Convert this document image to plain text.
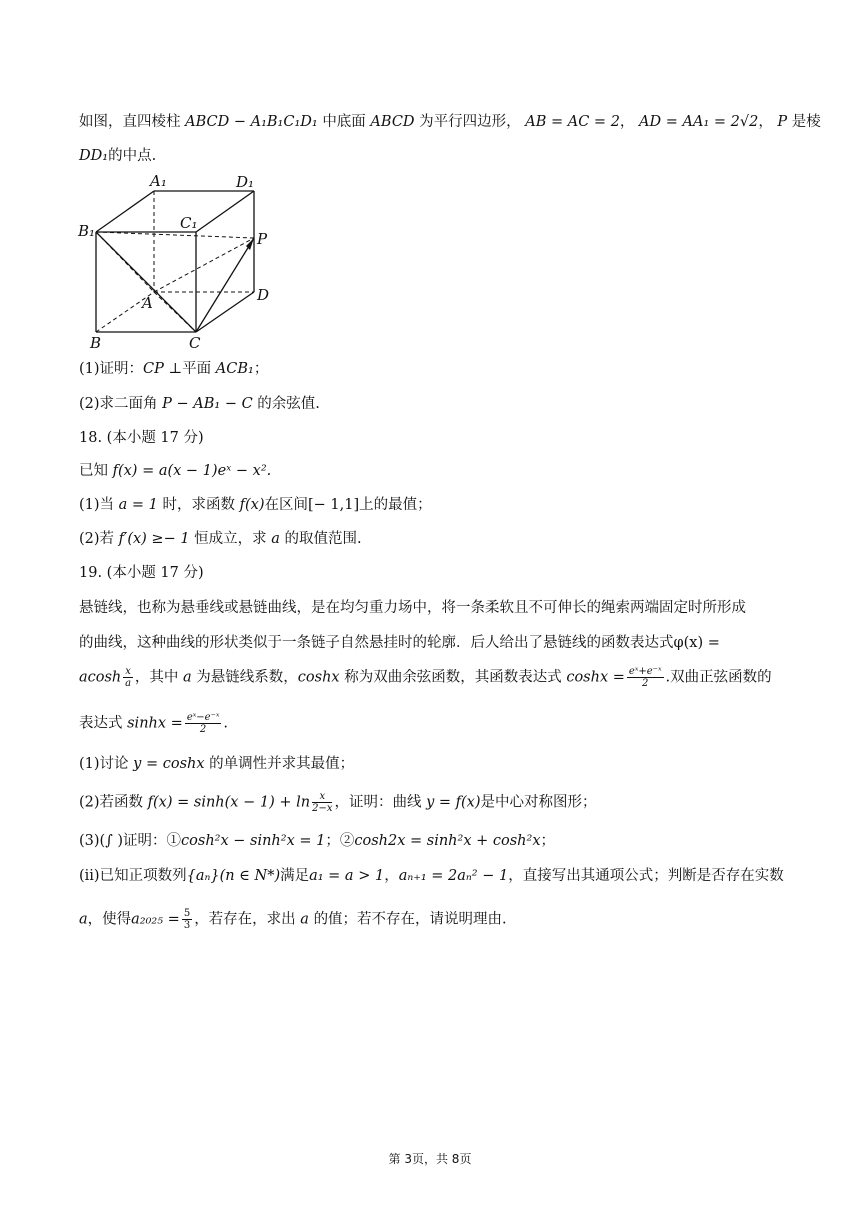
如图，直四棱柱 ABCD − A₁B₁C₁D₁ 中底面 ABCD 为平行四边形， AB = AC = 2， AD = AA₁ = 2√2， P 是棱
DD₁的中点.
A₁	D₁
B₁	C₁
P
A	D
B	C
(1)证明：CP ⊥平面 ACB₁；
(2)求二面角 P − AB₁ − C 的余弦值.
18. (本小题 17 分)
已知 f(x) = a(x − 1)eˣ − x².
(1)当 a = 1 时，求函数 f(x)在区间[− 1,1]上的最值；
(2)若 f′(x) ≥− 1 恒成立，求 a 的取值范围.
19. (本小题 17 分)
悬链线，也称为悬垂线或悬链曲线，是在均匀重力场中，将一条柔软且不可伸长的绳索两端固定时所形成
的曲线，这种曲线的形状类似于一条链子自然悬挂时的轮廓．后人给出了悬链线的函数表达式φ(x) =
acosh $\frac{x}{a}$ ，其中 a 为悬链线系数，coshx 称为双曲余弦函数，其函数表达式 $\cosh x = \frac{\text{eˣ+e⁻ˣ}}{2}$ .双曲正弦函数的
表达式 $\sinh x = \frac{\text{eˣ−e⁻ˣ}}{2}$ .
(1)讨论 y = coshx 的单调性并求其最值；
(2)若函数 $f(x) = \sinh(x - 1) + \ln \frac{x}{2-x}$ ，证明：曲线 y = f(x)是中心对称图形；
(3)(∫ )证明：①cosh²x − sinh²x = 1；②cosh2x = sinh²x + cosh²x；
(ⅱ)已知正项数列{aₙ}(n ∈ N*)满足a₁ = a > 1，aₙ₊₁ = 2aₙ² − 1，直接写出其通项公式；判断是否存在实数
a，使得$a_{2025} = \frac{5}{3}$ ，若存在，求出 a 的值；若不存在，请说明理由.
第 3页，共 8页
